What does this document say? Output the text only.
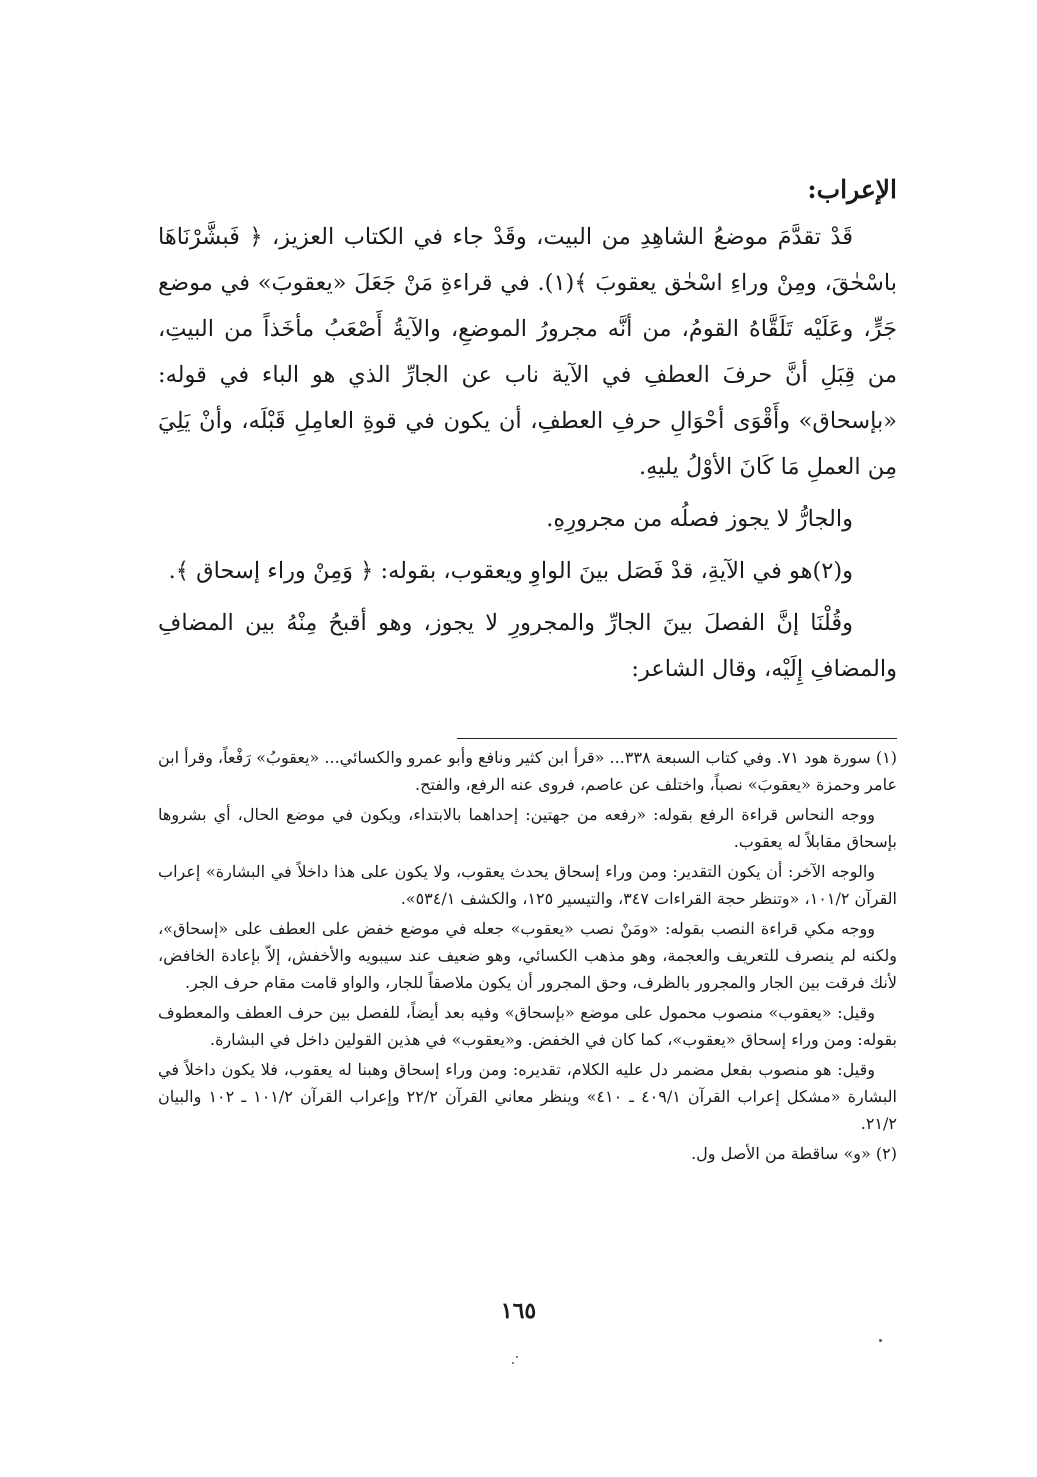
الإعراب:

قَدْ تقدَّمَ موضعُ الشاهِدِ من البيت، وقَدْ جاء في الكتاب العزيز، ﴿ فَبشَّرْنَاهَا باسْحٰقَ، ومِنْ وراءِ اسْحٰق يعقوبَ ﴾(١). في قراءةِ مَنْ جَعَلَ «يعقوبَ» في موضع جَرٍّ، وعَلَيْه تَلَقَّاهُ القومُ، من أنَّه مجرورُ الموضعِ، والآيةُ أَصْعَبُ مأخَذاً من البيتِ، من قِبَلِ أنَّ حرفَ العطفِ في الآية ناب عن الجارِّ الذي هو الباء في قوله: «بإسحاق» وأَقْوَى أحْوَالِ حرفِ العطفِ، أن يكون في قوةِ العامِلِ قَبْلَه، وأنْ يَلِيَ مِن العملِ مَا كَانَ الأوْلُ يليهِ.

والجارُّ لا يجوز فصلُه من مجرورِهِ.

و(٢)هو في الآيةِ، قدْ فَصَل بينَ الواوِ ويعقوب، بقوله: ﴿ وَمِنْ وراء إسحاق ﴾.

وقُلْنَا إنَّ الفصلَ بينَ الجارِّ والمجرورِ لا يجوز، وهو أقبحُ مِنْهُ بين المضافِ والمضافِ إِلَيْه، وقال الشاعر:

(١) سورة هود ٧١. وفي كتاب السبعة ٣٣٨... «قرأ ابن كثير ونافع وأبو عمرو والكسائي... «يعقوبُ» رَفْعاً، وقرأ ابن عامر وحمزة «يعقوبَ» نصباً، واختلف عن عاصم، فروى عنه الرفع، والفتح.

ووجه النحاس قراءة الرفع بقوله: «رفعه من جهتين: إحداهما بالابتداء، ويكون في موضع الحال، أي بشروها بإسحاق مقابلاً له يعقوب.

والوجه الآخر: أن يكون التقدير: ومن وراء إسحاق يحدث يعقوب، ولا يكون على هذا داخلاً في البشارة» إعراب القرآن ١٠١/٢، «وتنظر حجة القراءات ٣٤٧، والتيسير ١٢٥، والكشف ٥٣٤/١».

ووجه مكي قراءة النصب بقوله: «ومَنْ نصب «يعقوب» جعله في موضع خفض على العطف على «إسحاق»، ولكنه لم ينصرف للتعريف والعجمة، وهو مذهب الكسائي، وهو ضعيف عند سيبويه والأخفش، إلاّ بإعادة الخافض، لأنك فرقت بين الجار والمجرور بالظرف، وحق المجرور أن يكون ملاصقاً للجار، والواو قامت مقام حرف الجر.

وقيل: «يعقوب» منصوب محمول على موضع «بإسحاق» وفيه بعد أيضاً، للفصل بين حرف العطف والمعطوف بقوله: ومن وراء إسحاق «يعقوب»، كما كان في الخفض. و«يعقوب» في هذين القولين داخل في البشارة.

وقيل: هو منصوب بفعل مضمر دل عليه الكلام، تقديره: ومن وراء إسحاق وهبنا له يعقوب، فلا يكون داخلاً في البشارة «مشكل إعراب القرآن ٤٠٩/١ ـ ٤١٠» وينظر معاني القرآن ٢٢/٢ وإعراب القرآن ١٠١/٢ ـ ١٠٢ والبيان ٢١/٢.

(٢) «و» ساقطة من الأصل ول.

١٦٥
